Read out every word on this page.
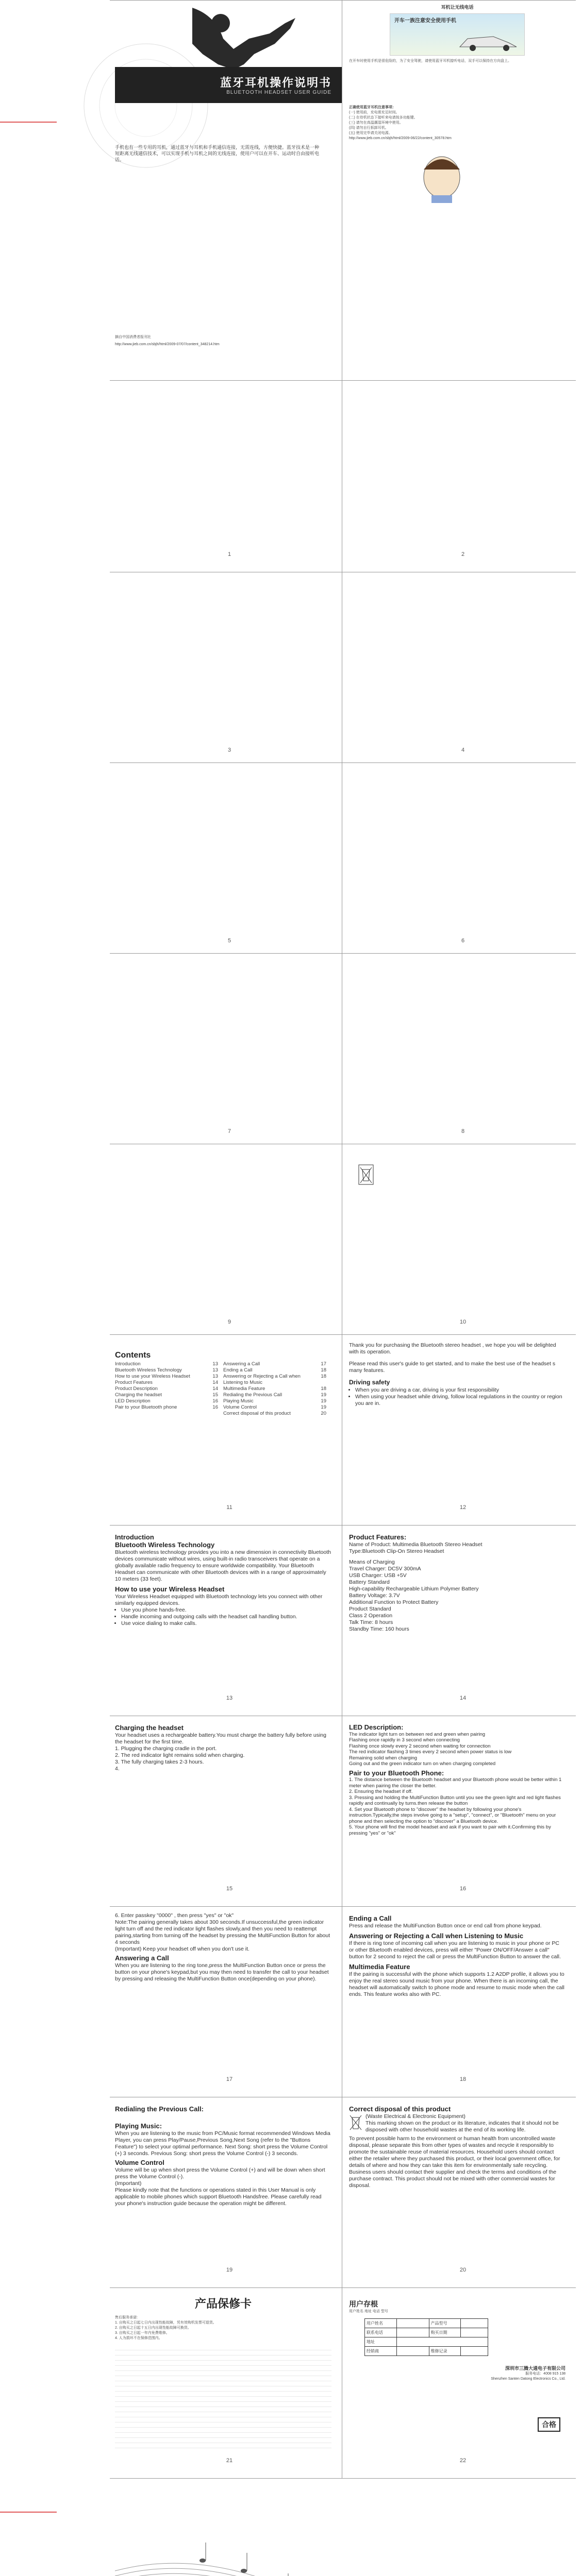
蓝牙耳机操作说明书
BLUETOOTH HEADSET USER GUIDE
手机也有一些专用的耳机，通过蓝牙与耳机和手机通信连接，无需连线，方便快捷。蓝牙技术是一种短距离无线通信技术，可以实现手机与耳机之间的无线连接，使用户可以在开车、运动时自由接听电话。
摘自中国消费者报刊社
http://www.jieb.com.cn/sbjh/html/2009-07/07/content_348214.htm
1
耳机让无线电话
开车一族注意安全使用手机
在开车时使用手机是很危险的，为了安全驾驶，请使用蓝牙耳机接听电话，双手可以保持在方向盘上。
正确使用蓝牙耳机注意事项：
(一) 使用前，充电需充足时间。
(二) 在待机状态下接听来电请按多功能键。
(三) 请勿在高温潮湿环境中使用。
(四) 请勿自行拆卸耳机。
(五) 使用完毕请关闭电源。
http://www.jieb.com.cn/sbjh/html/2009-06/22/content_30578.htm
2
3	4
5	6
7	8
9	10
Contents
Introduction	13
Bluetooth Wireless Technology	13
How to use your Wireless Headset	13
Product Features	14
Product Description	14
Charging the headset	15
LED Description	16
Pair to your Bluetooth phone	16
Answering a Call	17
Ending a Call	18
Answering or Rejecting a Call when Listening to Music
18
Multimedia Feature	18
Redialing the Previous Call	19
Playing Music	19
Volume Control	19
Correct disposal of this product	20
11

Thank you for purchasing the Bluetooth stereo headset , we hope you will be delighted with its operation.

Please read this user's guide to get started, and to make the best use of the headset s many features.

Driving safety
• When you are driving a car, driving is your first responsibility
• When using your headset while driving, follow local regulations in the country or region you are in.
12
Introduction
Bluetooth Wireless Technology
Bluetooth wireless technology provides you into a new dimension in connectivity Bluetooth devices communicate without wires, using built-in radio transceivers that operate on a globally available radio frequency to ensure worldwide compatibility. Your Bluetooth Headset can communicate with other Bluetooth devices with in a range of approximately 10 meters (33 feet).
How to use your Wireless Headset
Your Wireless Headset equipped with Bluetooth technology lets you connect with other similarly equipped devices.
• Use you phone hands-free.
• Handle incoming and outgoing calls with the headset call handling button.
• Use voice dialing to make calls.
13
Product Features:
Name of Product: Multimedia Bluetooth Stereo Headset
Type:Bluetooth Clip-On Stereo Headset
Means of Charging
Travel Charger: DC5V 300mA
USB Charger: USB +5V
Battery Standard
High-capability Rechargeable Lithium Polymer Battery
Battery Voltage: 3.7V
Additional Function to Protect Battery
Product Standard
Class 2 Operation
Talk Time: 8 hours
Standby Time: 160 hours
14
Charging the headset
Your headset uses a rechargeable battery.You must charge the battery fully before using the headset for the first time.
1. Plugging the charging cradle in the port.
2. The red indicator light remains solid when charging.
3. The fully charging takes 2-3 hours.
4.
15
LED Description:
The indicator light turn on between red and green when pairing
Flashing once rapidly in 3 second when connecting
Flashing once slowly every 2 second when waiting for connection
The red indicator flashing 3 times every 2 second when power status is low
Remaining solid when charging
Going out and the green indicator turn on when charging completed
Pair to your Bluetooth Phone:
1. The distance between the Bluetooth headset and your Bluetooth phone would be better within 1 meter when pairing the closer the better.
2. Ensuring the headset if off.
3. Pressing and holding the MultiFunction Button until you see the green light and red light flashes rapidly and continually by turns.then release the button
4. Set your Bluetooth phone to "discover" the headset by following your phone's instruction.Typically,the steps involve going to a "setup", "connect", or "Bluetooth" menu on your phone and then selecting the option to "discover" a Bluetooth device.
5. Your phone will find the model headset and ask if you want to pair with it.Confirming this by pressing "yes" or "ok"
16
6. Enter passkey "0000" , then press "yes" or "ok"
Note:The pairing generally takes about 300 seconds.If unsuccessful,the green indicator light turn off and the red indicator light flashes slowly,and then you need to reattempt pairing,starting from turning off the headset by pressing the MultiFunction Button for about 4 seconds
(Important) Keep your headset off when you don't use it.
Answering a Call
When you are listening to the ring tone,press the MultiFunction Button once or press the button on your phone's keypad,but you may then need to transfer the call to your headset by pressing and releasing the MultiFunction Button once(depending on your phone).
17
Ending a Call
Press and release the MultiFunction Button once or end call from phone keypad.
Answering or Rejecting a Call when Listening to Music
If there is ring tone of incoming call when you are listening to music in your phone or PC or other Bluetooth enabled devices, press will either "Power ON/OFF/Answer a call" button for 2 second to reject the call or press the MultiFunction Button to answer the call.
Multimedia Feature
If the pairing is successful with the phone which supports 1.2 A2DP profile, it allows you to enjoy the real stereo sound music from your phone. When there is an incoming call, the headset will automatically switch to phone mode and resume to music mode when the call ends. This feature works also with PC.
18
Redialing the Previous Call:
Playing Music:
When you are listening to the music from PC/Music format recommended Windows Media Player, you can press Play/Pause,Previous Song,Next Song (refer to the "Buttons Feature") to select your optimal performance. Next Song: short press the Volume Control (+) 3 seconds. Previous Song: short press the Volume Control (-) 3 seconds.
Volume Control
Volume will be up when short press the Volume Control (+) and will be down when short press the Volume Control (-).
(Important)
Please kindly note that the functions or operations stated in this User Manual is only applicable to mobile phones which support Bluetooth Handsfree. Please carefully read your phone's instruction guide because the operation might be different.
19
Correct disposal of this product
(Waste Electrical & Electronic Equipment)
This marking shown on the product or its literature, indicates that it should not be disposed with other household wastes at the end of its working life.
To prevent possible harm to the environment or human health from uncontrolled waste disposal, please separate this from other types of wastes and recycle it responsibly to promote the sustainable reuse of material resources. Household users should contact either the retailer where they purchased this product, or their local government office, for details of where and how they can take this item for environmentally safe recycling. Business users should contact their supplier and check the terms and conditions of the purchase contract. This product should not be mixed with other commercial wastes for disposal.
20
产品保修卡
售后服务承诺:
1. 自购买之日起七日内出现性能故障，凭有效购机发票可退货。
2. 自购买之日起十五日内出现性能故障可换货。
3. 自购买之日起一年内免费维修。
4. 人为损坏不在保修范围内。
21
用户存根
用户姓名 地址 电话 型号
用户姓名		产品型号	
联系电话		购买日期	
地址			
经销商		维修记录	
深圳市三腾大通电子有限公司
服务电话：4008 915 138
Shenzhen Santen Datong Electronics Co., Ltd.
合格
22
